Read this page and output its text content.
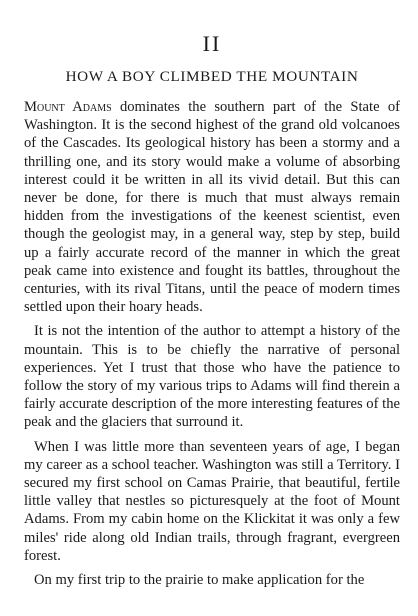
II
HOW A BOY CLIMBED THE MOUNTAIN

Mount Adams dominates the southern part of the State of Washington. It is the second highest of the grand old volcanoes of the Cascades. Its geological history has been a stormy and a thrilling one, and its story would make a volume of absorbing interest could it be written in all its vivid detail. But this can never be done, for there is much that must always remain hidden from the investigations of the keenest scientist, even though the geologist may, in a general way, step by step, build up a fairly accurate record of the manner in which the great peak came into existence and fought its battles, throughout the centuries, with its rival Titans, until the peace of modern times settled upon their hoary heads.

It is not the intention of the author to attempt a history of the mountain. This is to be chiefly the narrative of personal experiences. Yet I trust that those who have the patience to follow the story of my various trips to Adams will find therein a fairly accurate description of the more interesting features of the peak and the glaciers that surround it.

When I was little more than seventeen years of age, I began my career as a school teacher. Washington was still a Territory. I secured my first school on Camas Prairie, that beautiful, fertile little valley that nestles so picturesquely at the foot of Mount Adams. From my cabin home on the Klickitat it was only a few miles' ride along old Indian trails, through fragrant, evergreen forest.

On my first trip to the prairie to make application for the
